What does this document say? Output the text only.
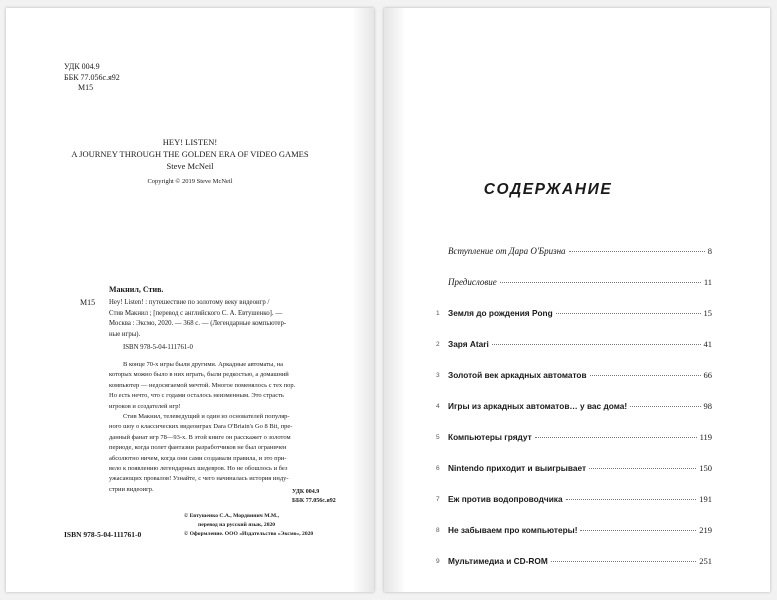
УДК 004.9
ББК 77.056с.я92
М15
HEY! LISTEN!
A JOURNEY THROUGH THE GOLDEN ERA OF VIDEO GAMES
Steve McNeil
Copyright © 2019 Steve McNeil
М15
Макнил, Стив.
Hey! Listen! : путешествие по золотому веку видеоигр /
Стив Макнил ; [перевод с английского С. А. Евтушенко]. —
Москва : Эксмо, 2020. — 368 с. — (Легендарные компьютер-
ные игры).
ISBN 978-5-04-111761-0

В конце 70-х игры были другими. Аркадные автоматы, на

которых можно было в них играть, были редкостью, а домашний
компьютер — недосягаемой мечтой. Многое поменялось с тех пор.
Но есть нечто, что с годами осталось неизменным. Это страсть
игроков и создателей игр!

Стив Макнил, телеведущий и один из основателей популяр-

ного шоу о классических видеоиграх Dara O'Briain's Go 8 Bit, пре-
данный фанат игр 78—93-х. В этой книге он расскажет о золотом
периоде, когда полет фантазии разработчиков не был ограничен
абсолютно ничем, когда они сами создавали правила, и это при-
вело к появлению легендарных шедевров. Но не обошлось и без
ужасающих провалов! Узнайте, с чего начиналась история инду-
стрии видеоигр.	УДК 004.9
ББК 77.056с.я92
© Евтушенко С.А., Мордвинич М.М.,
перевод на русский язык, 2020
© Оформление. ООО «Издательство «Эксмо», 2020
ISBN 978-5-04-111761-0
СОДЕРЖАНИЕ
Вступление от Дара О'Бризна	8
Предисловие	11
1	Земля до рождения Pong	15
2	Заря Atari	41
3	Золотой век аркадных автоматов	66
4	Игры из аркадных автоматов… у вас дома!	98
5	Компьютеры грядут	119
6	Nintendo приходит и выигрывает	150
7	Еж против водопроводчика	191
8	Не забываем про компьютеры!	219
9	Мультимедиа и CD-ROM	251
